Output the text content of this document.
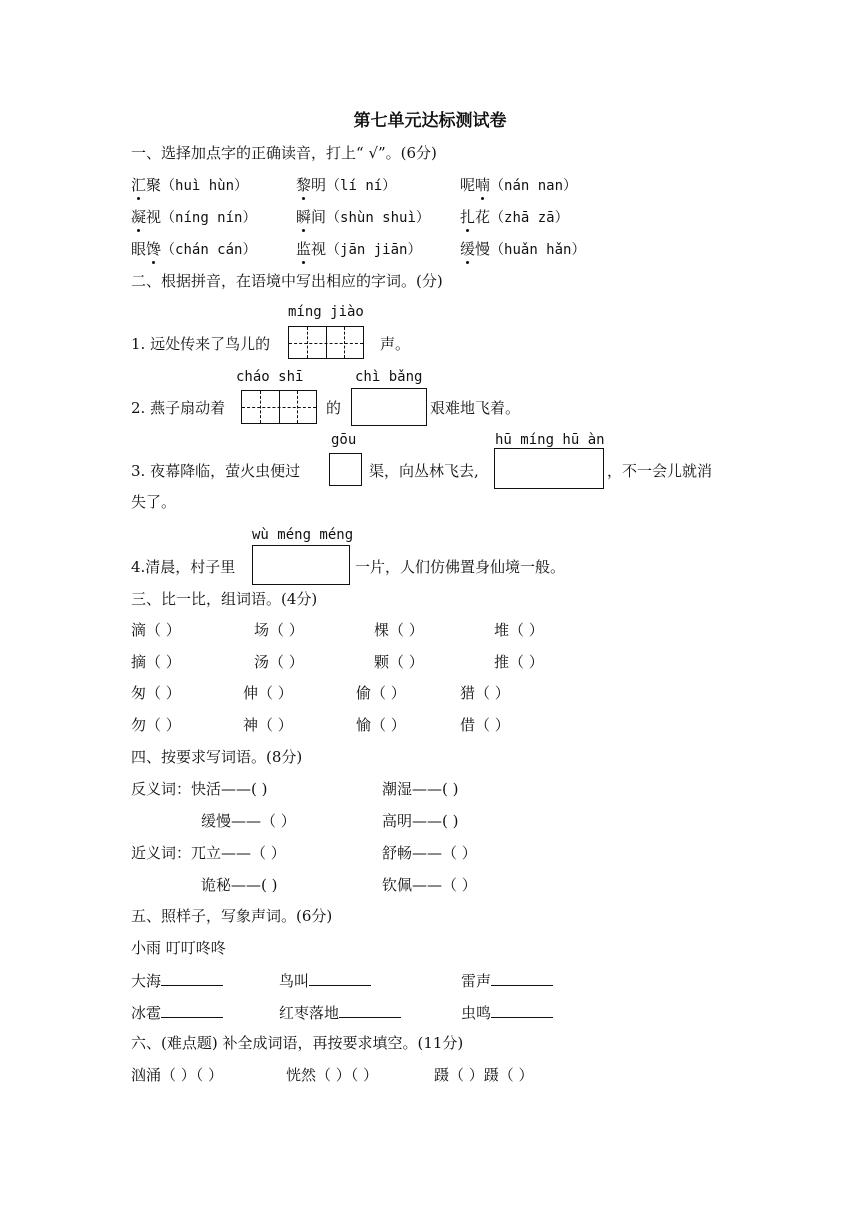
第七单元达标测试卷
一、选择加点字的正确读音，打上“ √”。(6分)
汇聚（huì hùn）	黎明（lí ní）	呢喃（nán nan）
凝视（níng nín）	瞬间（shùn shuì） 扎花（zhā zā）
眼馋（chán cán）	监视（jān jiān）	缓慢（huǎn hǎn）
二、根据拼音，在语境中写出相应的字词。(分)
míng jiào
1. 远处传来了鸟儿的	声。
cháo shī	chì bǎng
2. 燕子扇动着	的	艰难地飞着。
gōu	hū míng hū àn
3. 夜幕降临，萤火虫便过	渠，向丛林飞去,	，不一会儿就消
失了。
wù méng méng
4.清晨，村子里	一片，人们仿佛置身仙境一般。
三、比一比，组词语。(4分)
滴（ ）	场（ ）	棵（ ）	堆（ ）
摘（ ）	汤（ ）	颗（ ）	推（ ）
匆（ ）	伸（ ）	偷（ ）	猎（ ）
勿（ ）	神（ ）	愉（ ）	借（ ）
四、按要求写词语。(8分)
反义词：快活——( )	潮湿——( )
缓慢——（ ）	高明——( )
近义词：兀立——（ ）	舒畅——（ ）
诡秘——( )	钦佩——（ ）
五、照样子，写象声词。(6分)
小雨 叮叮咚咚
大海	鸟叫	雷声
冰雹	红枣落地	虫鸣
六、(难点题) 补全成词语，再按要求填空。(11分)
汹涌（ ）（ ）	恍然（ ）（ ）	蹑（ ）蹑（ ）
